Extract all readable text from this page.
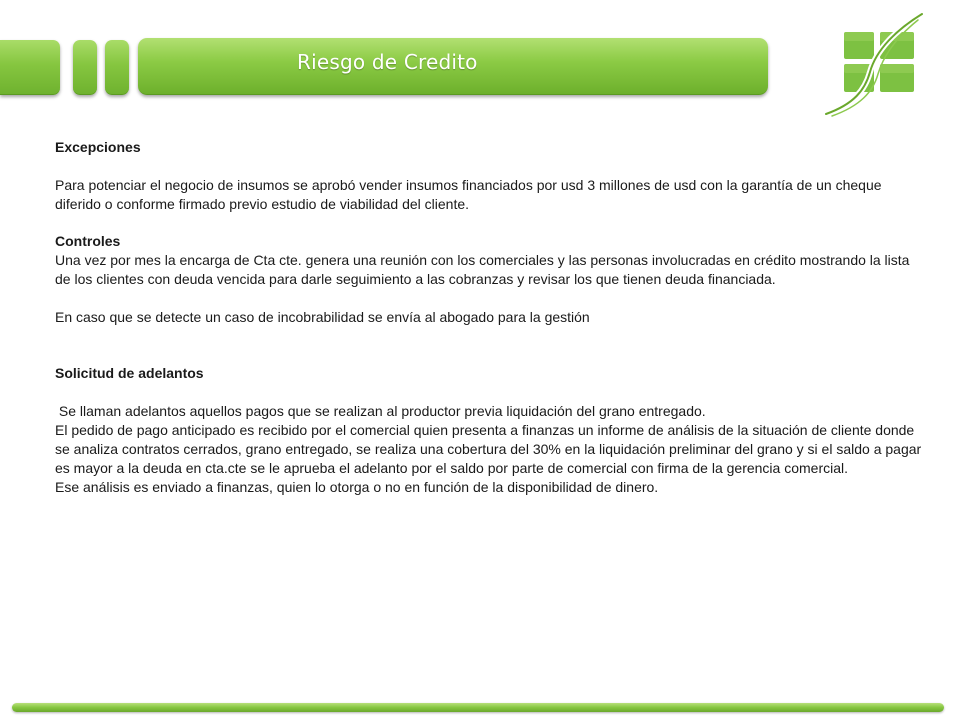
Riesgo de Credito

Excepciones

Para potenciar el negocio de insumos se aprobó vender insumos financiados por usd 3 millones de usd con la garantía de un cheque diferido o conforme firmado previo estudio de viabilidad del cliente.

Controles

Una vez por mes la encarga de Cta cte. genera una reunión con los comerciales y las personas involucradas en crédito mostrando la lista de los clientes con deuda vencida para darle seguimiento a las cobranzas y revisar los que tienen deuda financiada.

En caso que se detecte un caso de incobrabilidad se envía al abogado para la gestión

Solicitud de adelantos

Se llaman adelantos aquellos pagos que se realizan al productor previa liquidación del grano entregado.

El pedido de pago anticipado es recibido por el comercial quien presenta a finanzas un informe de análisis de la situación de cliente donde se analiza contratos cerrados, grano entregado, se realiza una cobertura del 30% en la liquidación preliminar del grano y si el saldo a pagar es mayor a la deuda en cta.cte se le aprueba el adelanto por el saldo por parte de comercial con firma de la gerencia comercial.

Ese análisis es enviado a finanzas, quien lo otorga o no en función de la disponibilidad de dinero.
